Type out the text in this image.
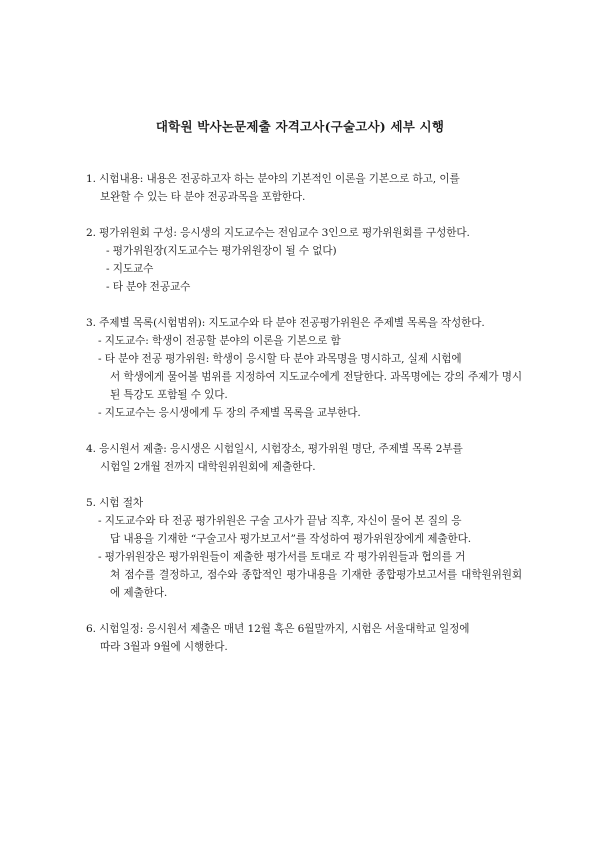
대학원 박사논문제출 자격고사(구술고사) 세부 시행
1. 시험내용: 내용은 전공하고자 하는 분야의 기본적인 이론을 기본으로 하고, 이를
보완할 수 있는 타 분야 전공과목을 포함한다.
2. 평가위원회 구성: 응시생의 지도교수는 전임교수 3인으로 평가위원회를 구성한다.
- 평가위원장(지도교수는 평가위원장이 될 수 없다)
- 지도교수
- 타 분야 전공교수
3. 주제별 목록(시험범위): 지도교수와 타 분야 전공평가위원은 주제별 목록을 작성한다.
- 지도교수: 학생이 전공할 분야의 이론을 기본으로 함
- 타 분야 전공 평가위원: 학생이 응시할 타 분야 과목명을 명시하고, 실제 시험에
서 학생에게 물어볼 범위를 지정하여 지도교수에게 전달한다. 과목명에는 강의 주제가 명시된 특강도 포함될 수 있다.
- 지도교수는 응시생에게 두 장의 주제별 목록을 교부한다.
4. 응시원서 제출: 응시생은 시험일시, 시험장소, 평가위원 명단, 주제별 목록 2부를
시험일 2개월 전까지 대학원위원회에 제출한다.
5. 시험 절차
- 지도교수와 타 전공 평가위원은 구술 고사가 끝남 직후, 자신이 물어 본 질의 응
답 내용을 기재한 “구술고사 평가보고서”를 작성하여 평가위원장에게 제출한다.
- 평가위원장은 평가위원들이 제출한 평가서를 토대로 각 평가위원들과 협의를 거
쳐 점수를 결정하고, 점수와 종합적인 평가내용을 기재한 종합평가보고서를 대학원위원회에 제출한다.
6. 시험일정: 응시원서 제출은 매년 12월 혹은 6월말까지, 시험은 서울대학교 일정에
따라 3월과 9월에 시행한다.
